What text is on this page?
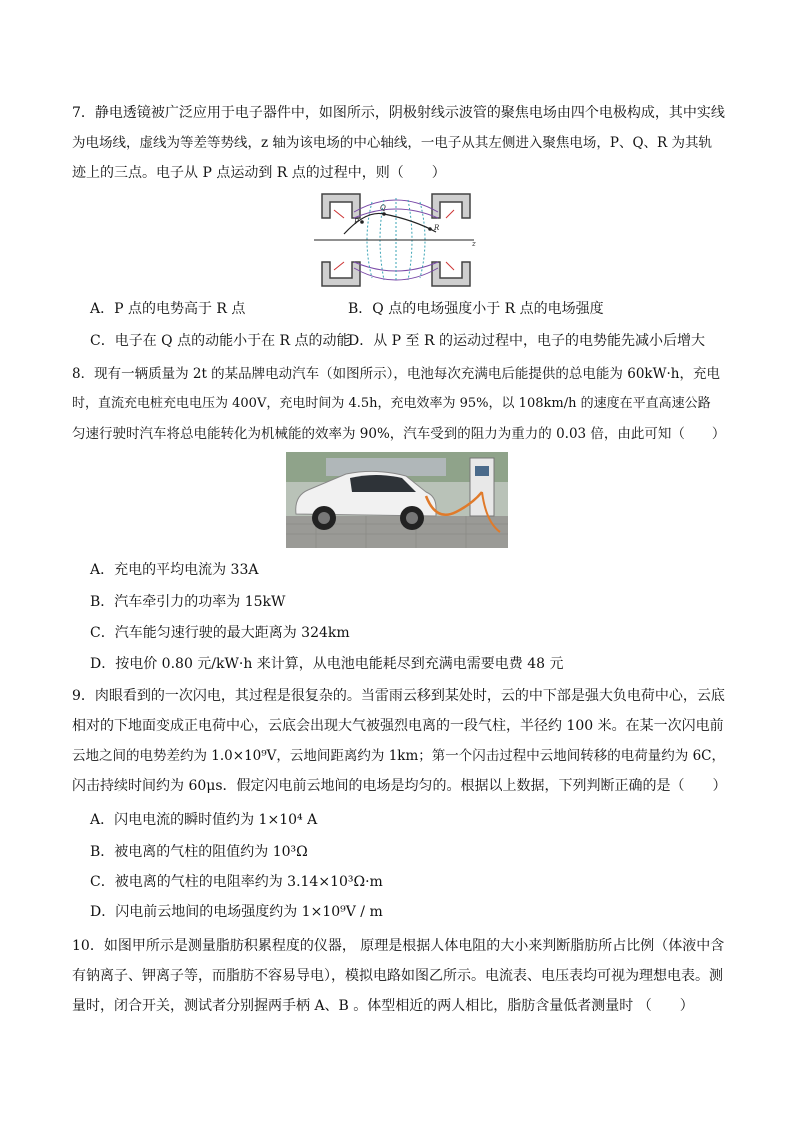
7．静电透镜被广泛应用于电子器件中，如图所示，阴极射线示波管的聚焦电场由四个电极构成，其中实线
为电场线，虚线为等差等势线，z 轴为该电场的中心轴线，一电子从其左侧进入聚焦电场，P、Q、R 为其轨
迹上的三点。电子从 P 点运动到 R 点的过程中，则（　　）
z
P
Q
R
A．P 点的电势高于 R 点	B．Q 点的电场强度小于 R 点的电场强度
C．电子在 Q 点的动能小于在 R 点的动能
D．从 P 至 R 的运动过程中，电子的电势能先减小后增大
8．现有一辆质量为 2t 的某品牌电动汽车（如图所示），电池每次充满电后能提供的总电能为 60kW·h，充电
时，直流充电桩充电电压为 400V，充电时间为 4.5h，充电效率为 95%，以 108km/h 的速度在平直高速公路
匀速行驶时汽车将总电能转化为机械能的效率为 90%，汽车受到的阻力为重力的 0.03 倍，由此可知（　　）
A．充电的平均电流为 33A
B．汽车牵引力的功率为 15kW
C．汽车能匀速行驶的最大距离为 324km
D．按电价 0.80 元/kW·h 来计算，从电池电能耗尽到充满电需要电费 48 元
9．肉眼看到的一次闪电，其过程是很复杂的。当雷雨云移到某处时，云的中下部是强大负电荷中心，云底
相对的下地面变成正电荷中心，云底会出现大气被强烈电离的一段气柱，半径约 100 米。在某一次闪电前
云地之间的电势差约为 1.0×10⁹V，云地间距离约为 1km；第一个闪击过程中云地间转移的电荷量约为 6C，
闪击持续时间约为 60μs．假定闪电前云地间的电场是均匀的。根据以上数据，下列判断正确的是（　　）
A．闪电电流的瞬时值约为 1×10⁴ A
B．被电离的气柱的阻值约为 10³Ω
C．被电离的气柱的电阻率约为 3.14×10³Ω·m
D．闪电前云地间的电场强度约为 1×10⁹V / m
10．如图甲所示是测量脂肪积累程度的仪器， 原理是根据人体电阻的大小来判断脂肪所占比例（体液中含
有钠离子、钾离子等，而脂肪不容易导电），模拟电路如图乙所示。电流表、电压表均可视为理想电表。测
量时，闭合开关，测试者分别握两手柄 A、B 。体型相近的两人相比，脂肪含量低者测量时 （　　）
